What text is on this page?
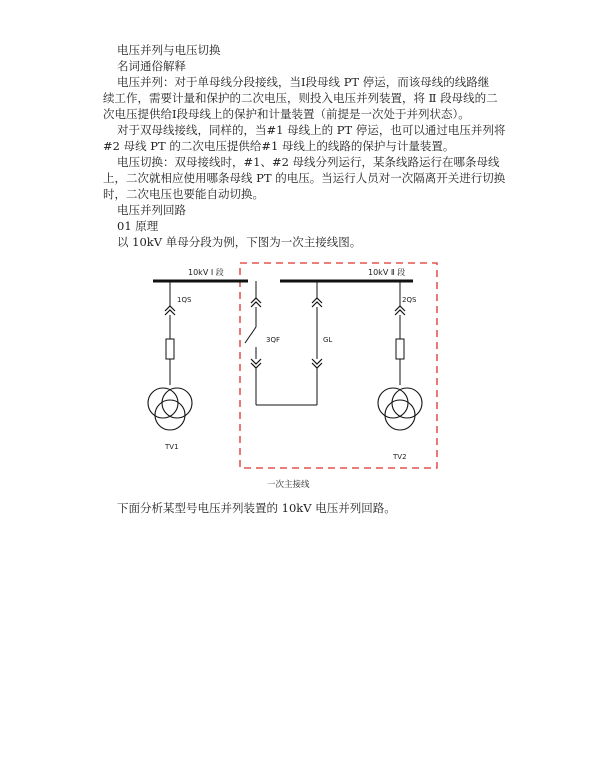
电压并列与电压切换
名词通俗解释
电压并列：对于单母线分段接线，当Ⅰ段母线 PT 停运，而该母线的线路继
续工作，需要计量和保护的二次电压，则投入电压并列装置，将 Ⅱ 段母线的二
次电压提供给Ⅰ段母线上的保护和计量装置（前提是一次处于并列状态）。
对于双母线接线，同样的，当#1 母线上的 PT 停运，也可以通过电压并列将
#2 母线 PT 的二次电压提供给#1 母线上的线路的保护与计量装置。
电压切换：双母接线时，#1、#2 母线分列运行，某条线路运行在哪条母线
上，二次就相应使用哪条母线 PT 的电压。当运行人员对一次隔离开关进行切换
时，二次电压也要能自动切换。
电压并列回路
01 原理
以 10kV 单母分段为例，下图为一次主接线图。
10kV Ⅰ 段	10kV Ⅱ 段
1QS
TV1
3QF	GL
2QS
TV2
一次主接线
下面分析某型号电压并列装置的 10kV 电压并列回路。
